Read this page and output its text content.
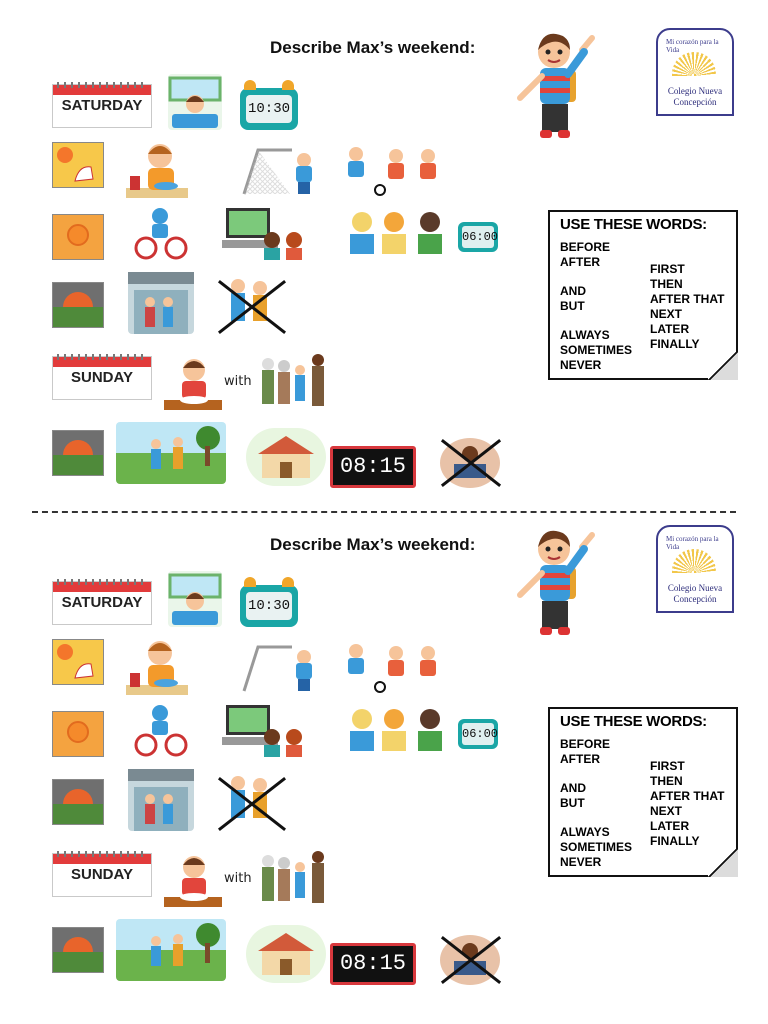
Describe Max’s weekend:	Mi corazón para la Vida
Colegio Nueva
Concepción
SATURDAY	10:30
06:00
SUNDAY	with
08:15
USE THESE WORDS:
BEFORE
AFTER
AND
BUT
ALWAYS
SOMETIMES
NEVER
FIRST
THEN
AFTER THAT
NEXT
LATER
FINALLY
Describe Max’s weekend:	Mi corazón para la Vida
Colegio Nueva
Concepción
SATURDAY	10:30
06:00
SUNDAY	with
08:15
USE THESE WORDS:
BEFORE
AFTER
AND
BUT
ALWAYS
SOMETIMES
NEVER
FIRST
THEN
AFTER THAT
NEXT
LATER
FINALLY
